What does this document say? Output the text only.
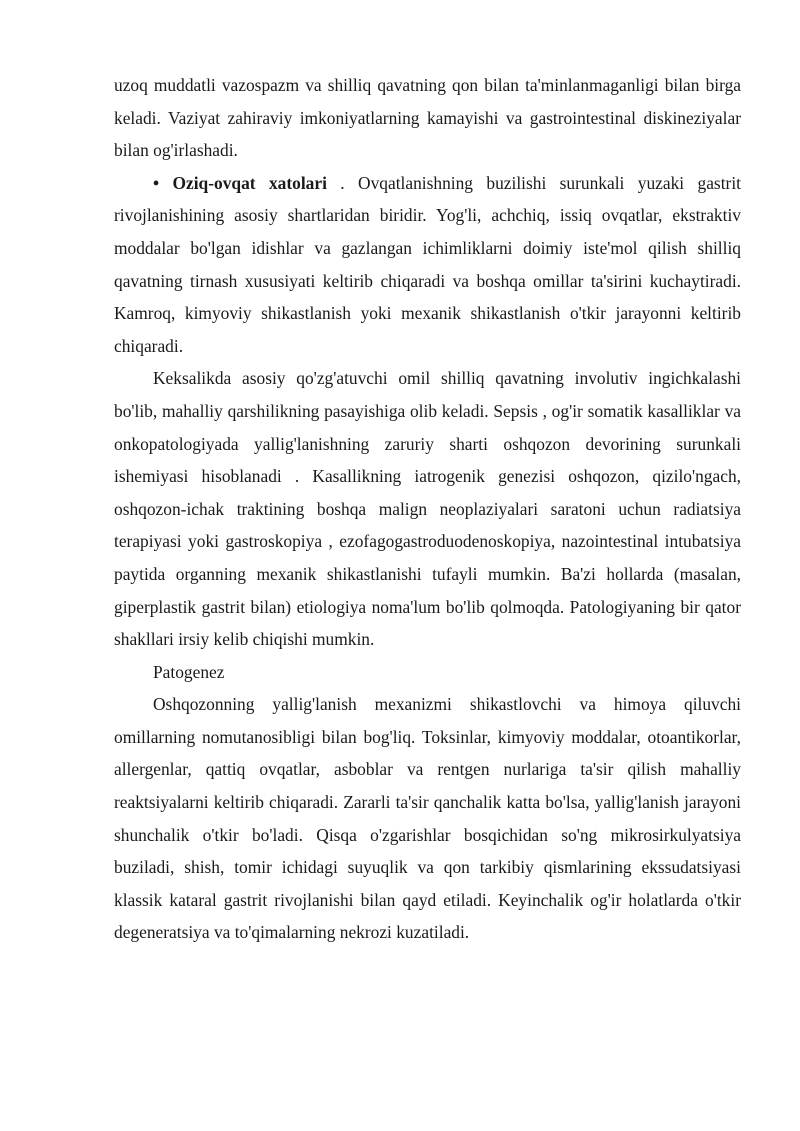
uzoq muddatli vazospazm va shilliq qavatning qon bilan ta'minlanmaganligi bilan birga keladi. Vaziyat zahiraviy imkoniyatlarning kamayishi va gastrointestinal diskineziyalar bilan og'irlashadi.

• Oziq-ovqat xatolari . Ovqatlanishning buzilishi surunkali yuzaki gastrit rivojlanishining asosiy shartlaridan biridir. Yog'li, achchiq, issiq ovqatlar, ekstraktiv moddalar bo'lgan idishlar va gazlangan ichimliklarni doimiy iste'mol qilish shilliq qavatning tirnash xususiyati keltirib chiqaradi va boshqa omillar ta'sirini kuchaytiradi. Kamroq, kimyoviy shikastlanish yoki mexanik shikastlanish o'tkir jarayonni keltirib chiqaradi.

Keksalikda asosiy qo'zg'atuvchi omil shilliq qavatning involutiv ingichkalashi bo'lib, mahalliy qarshilikning pasayishiga olib keladi. Sepsis , og'ir somatik kasalliklar va onkopatologiyada yallig'lanishning zaruriy sharti oshqozon devorining surunkali ishemiyasi hisoblanadi . Kasallikning iatrogenik genezisi oshqozon, qizilo'ngach, oshqozon-ichak traktining boshqa malign neoplaziyalari saratoni uchun radiatsiya terapiyasi yoki gastroskopiya , ezofagogastroduodenoskopiya, nazointestinal intubatsiya paytida organning mexanik shikastlanishi tufayli mumkin. Ba'zi hollarda (masalan, giperplastik gastrit bilan) etiologiya noma'lum bo'lib qolmoqda. Patologiyaning bir qator shakllari irsiy kelib chiqishi mumkin.

Patogenez

Oshqozonning yallig'lanish mexanizmi shikastlovchi va himoya qiluvchi omillarning nomutanosibligi bilan bog'liq. Toksinlar, kimyoviy moddalar, otoantikorlar, allergenlar, qattiq ovqatlar, asboblar va rentgen nurlariga ta'sir qilish mahalliy reaktsiyalarni keltirib chiqaradi. Zararli ta'sir qanchalik katta bo'lsa, yallig'lanish jarayoni shunchalik o'tkir bo'ladi. Qisqa o'zgarishlar bosqichidan so'ng mikrosirkulyatsiya buziladi, shish, tomir ichidagi suyuqlik va qon tarkibiy qismlarining ekssudatsiyasi klassik kataral gastrit rivojlanishi bilan qayd etiladi. Keyinchalik og'ir holatlarda o'tkir degeneratsiya va to'qimalarning nekrozi kuzatiladi.
